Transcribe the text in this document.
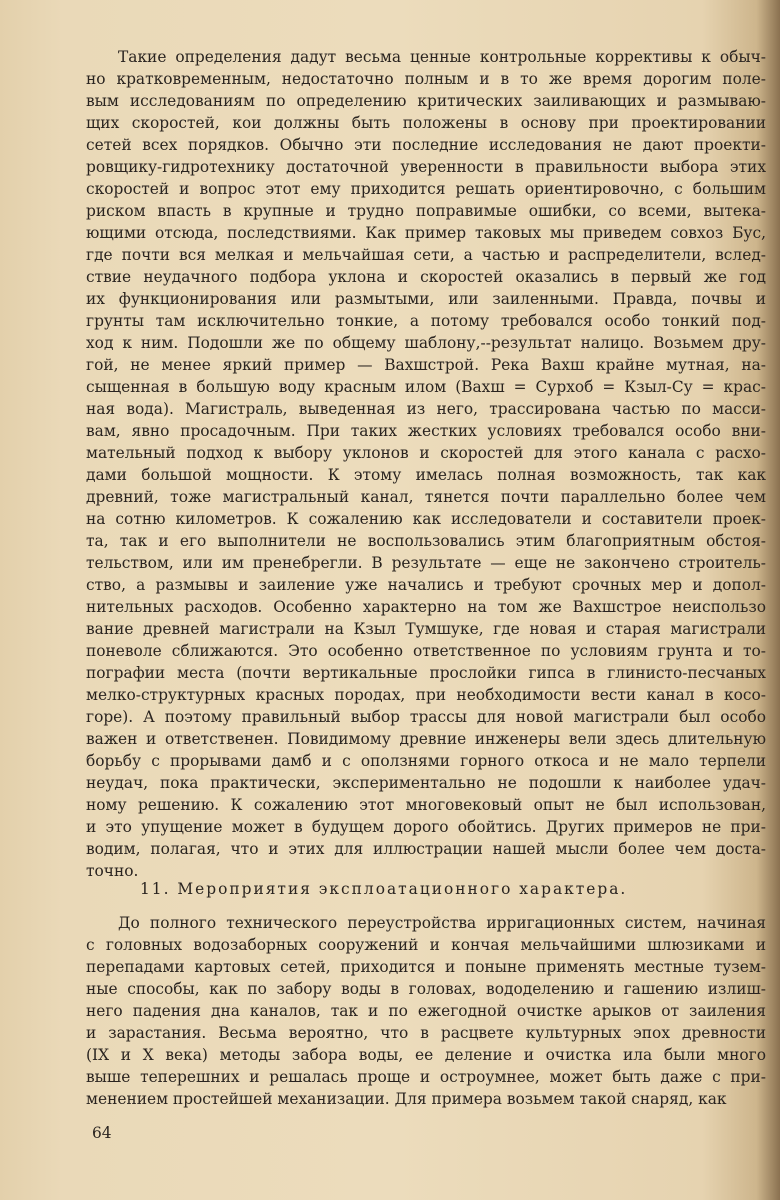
Такие определения дадут весьма ценные контрольные коррективы к обыч-
но кратковременным, недостаточно полным и в то же время дорогим поле-
вым исследованиям по определению критических заиливающих и размываю-
щих скоростей, кои должны быть положены в основу при проектировании
сетей всех порядков. Обычно эти последние исследования не дают проекти-
ровщику-гидротехнику достаточной уверенности в правильности выбора этих
скоростей и вопрос этот ему приходится решать ориентировочно, с большим
риском впасть в крупные и трудно поправимые ошибки, со всеми, вытека-
ющими отсюда, последствиями. Как пример таковых мы приведем совхоз Бус,
где почти вся мелкая и мельчайшая сети, а частью и распределители, вслед-
ствие неудачного подбора уклона и скоростей оказались в первый же год
их функционирования или размытыми, или заиленными. Правда, почвы и
грунты там исключительно тонкие, а потому требовался особо тонкий под-
ход к ним. Подошли же по общему шаблону,--результат налицо. Возьмем дру-
гой, не менее яркий пример — Вахшстрой. Река Вахш крайне мутная, на-
сыщенная в большую воду красным илом (Вахш = Сурхоб = Кзыл-Су = крас-
ная вода). Магистраль, выведенная из него, трассирована частью по масси-
вам, явно просадочным. При таких жестких условиях требовался особо вни-
мательный подход к выбору уклонов и скоростей для этого канала с расхо-
дами большой мощности. К этому имелась полная возможность, так как
древний, тоже магистральный канал, тянется почти параллельно более чем
на сотню километров. К сожалению как исследователи и составители проек-
та, так и его выполнители не воспользовались этим благоприятным обстоя-
тельством, или им пренебрегли. В результате — еще не закончено строитель-
ство, а размывы и заиление уже начались и требуют срочных мер и допол-
нительных расходов. Особенно характерно на том же Вахшстрое неиспользо
вание древней магистрали на Кзыл Тумшуке, где новая и старая магистрали
поневоле сближаются. Это особенно ответственное по условиям грунта и то-
пографии места (почти вертикальные прослойки гипса в глинисто-песчаных
мелко-структурных красных породах, при необходимости вести канал в косо-
горе). А поэтому правильный выбор трассы для новой магистрали был особо
важен и ответственен. Повидимому древние инженеры вели здесь длительную
борьбу с прорывами дамб и с оползнями горного откоса и не мало терпели
неудач, пока практически, экспериментально не подошли к наиболее удач-
ному решению. К сожалению этот многовековый опыт не был использован,
и это упущение может в будущем дорого обойтись. Других примеров не при-
водим, полагая, что и этих для иллюстрации нашей мысли более чем доста-
точно.
11. Мероприятия эксплоатационного характера.
До полного технического переустройства ирригационных систем, начиная
с головных водозаборных сооружений и кончая мельчайшими шлюзиками и
перепадами картовых сетей, приходится и поныне применять местные тузем-
ные способы, как по забору воды в головах, вододелению и гашению излиш-
него падения дна каналов, так и по ежегодной очистке арыков от заиления
и зарастания. Весьма вероятно, что в расцвете культурных эпох древности
(IX и X века) методы забора воды, ее деление и очистка ила были много
выше теперешних и решалась проще и остроумнее, может быть даже с при-
менением простейшей механизации. Для примера возьмем такой снаряд, как
64
